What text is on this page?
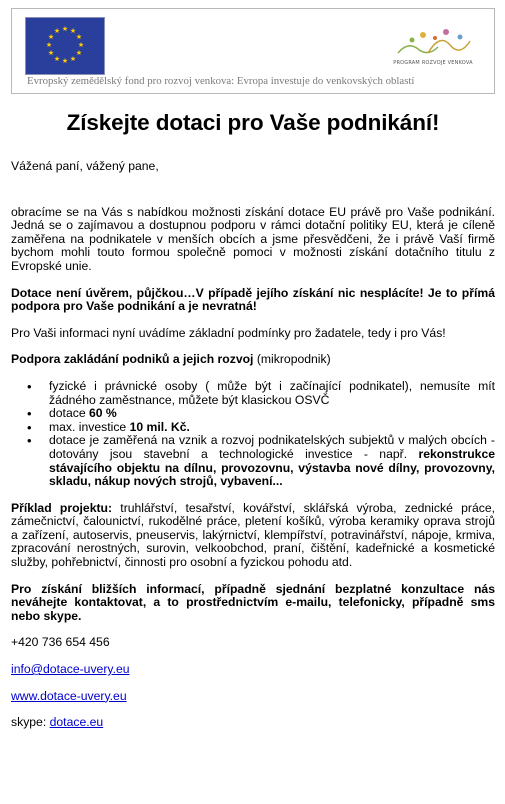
★ ★
★
★
★
★
★
★
★
★
★
★
PROGRAM ROZVOJE VENKOVA
Evropský zemědělský fond pro rozvoj venkova: Evropa investuje do venkovských oblastí
Získejte dotaci pro Vaše podnikání!

Vážená paní, vážený pane,

obracíme se na Vás s nabídkou možnosti získání dotace EU právě pro Vaše podnikání. Jedná se o zajímavou a dostupnou podporu v rámci dotační politiky EU, která je cíleně zaměřena na podnikatele v menších obcích a jsme přesvědčeni, že i právě Vaší firmě bychom mohli touto formou společně pomoci v možnosti získání dotačního titulu z Evropské unie.

Dotace není úvěrem, půjčkou…V případě jejího získání nic nesplácíte! Je to přímá podpora pro Vaše podnikání a je nevratná!

Pro Vaši informaci nyní uvádíme základní podmínky pro žadatele, tedy i pro Vás!

Podpora zakládání podniků a jejich rozvoj (mikropodnik)

• fyzické i právnické osoby ( může být i začínající podnikatel), nemusíte mít žádného zaměstnance, můžete být klasickou OSVČ
• dotace 60 %
• max. investice 10 mil. Kč.
• dotace je zaměřená na vznik a rozvoj podnikatelských subjektů v malých obcích - dotovány jsou stavební a technologické investice - např. rekonstrukce stávajícího objektu na dílnu, provozovnu, výstavba nové dílny, provozovny, skladu, nákup nových strojů, vybavení...

Příklad projektu: truhlářství, tesařství, kovářství, sklářská výroba, zednické práce, zámečnictví, čalounictví, rukodělné práce, pletení košíků, výroba keramiky oprava strojů a zařízení, autoservis, pneuservis, lakýrnictví, klempířství, potravinářství, nápoje, krmiva, zpracování nerostných, surovin, velkoobchod, praní, čištění, kadeřnické a kosmetické služby, pohřebnictví, činnosti pro osobní a fyzickou pohodu atd.

Pro získání bližších informací, případně sjednání bezplatné konzultace nás neváhejte kontaktovat, a to prostřednictvím e-mailu, telefonicky, případně sms nebo skype.

+420 736 654 456

info@dotace-uvery.eu

www.dotace-uvery.eu

skype: dotace.eu
